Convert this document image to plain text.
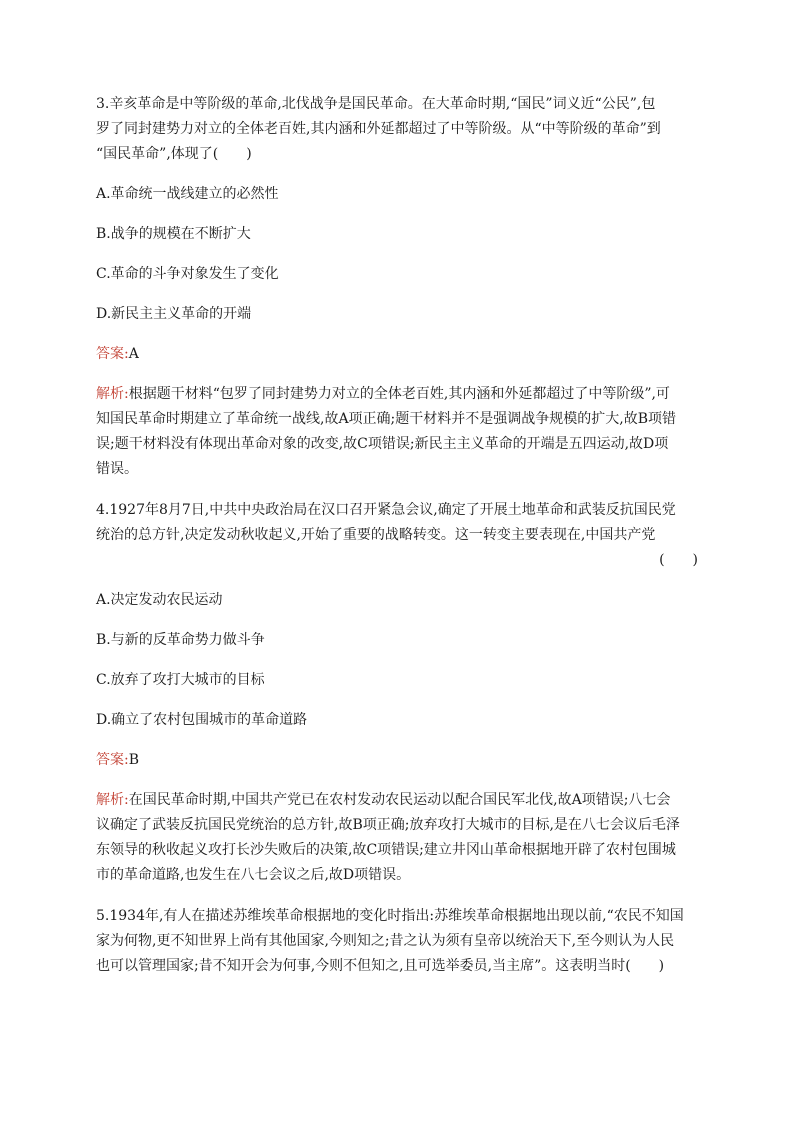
3.辛亥革命是中等阶级的革命,北伐战争是国民革命。在大革命时期,“国民”词义近“公民”,包
罗了同封建势力对立的全体老百姓,其内涵和外延都超过了中等阶级。从“中等阶级的革命”到
“国民革命”,体现了(　　)

A.革命统一战线建立的必然性

B.战争的规模在不断扩大

C.革命的斗争对象发生了变化

D.新民主主义革命的开端

答案:A

解析:根据题干材料“包罗了同封建势力对立的全体老百姓,其内涵和外延都超过了中等阶级”,可
知国民革命时期建立了革命统一战线,故A项正确;题干材料并不是强调战争规模的扩大,故B项错
误;题干材料没有体现出革命对象的改变,故C项错误;新民主主义革命的开端是五四运动,故D项
错误。

4.1927年8月7日,中共中央政治局在汉口召开紧急会议,确定了开展土地革命和武装反抗国民党
统治的总方针,决定发动秋收起义,开始了重要的战略转变。这一转变主要表现在,中国共产党
(　　)

A.决定发动农民运动

B.与新的反革命势力做斗争

C.放弃了攻打大城市的目标

D.确立了农村包围城市的革命道路

答案:B

解析:在国民革命时期,中国共产党已在农村发动农民运动以配合国民军北伐,故A项错误;八七会
议确定了武装反抗国民党统治的总方针,故B项正确;放弃攻打大城市的目标,是在八七会议后毛泽
东领导的秋收起义攻打长沙失败后的决策,故C项错误;建立井冈山革命根据地开辟了农村包围城
市的革命道路,也发生在八七会议之后,故D项错误。

5.1934年,有人在描述苏维埃革命根据地的变化时指出:苏维埃革命根据地出现以前,“农民不知国
家为何物,更不知世界上尚有其他国家,今则知之;昔之认为须有皇帝以统治天下,至今则认为人民
也可以管理国家;昔不知开会为何事,今则不但知之,且可选举委员,当主席”。这表明当时(　　)
